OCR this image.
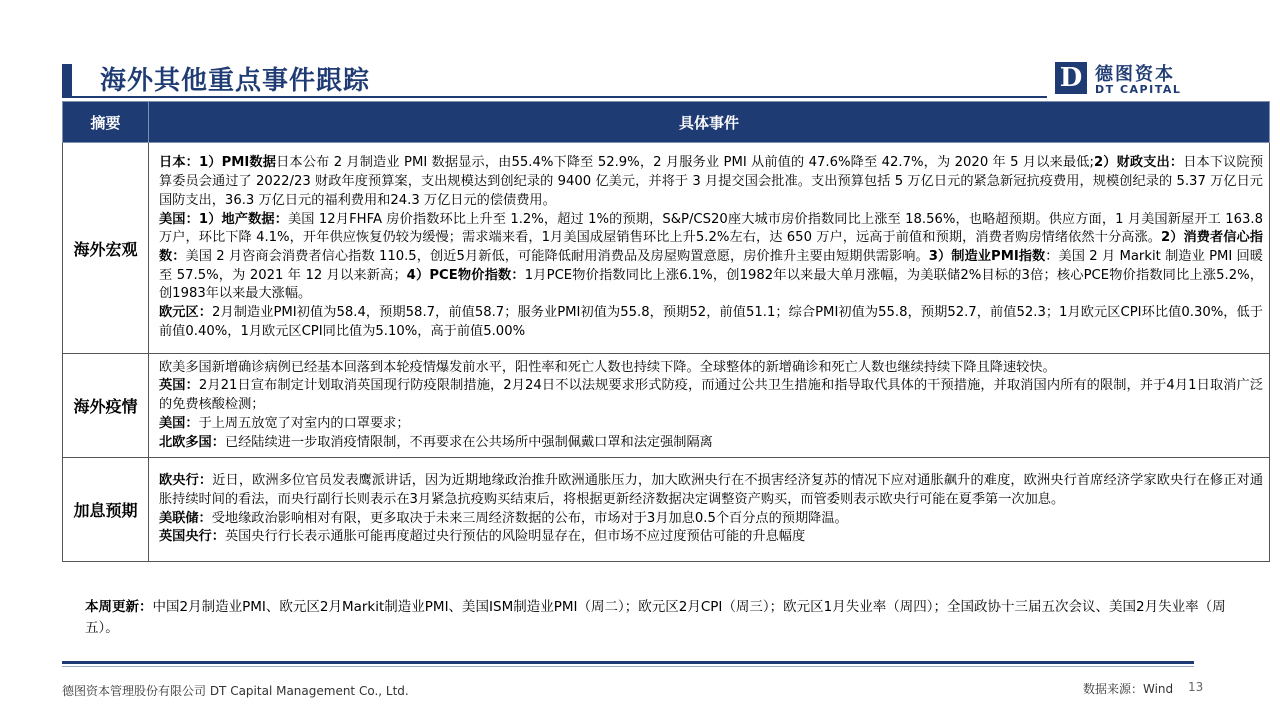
海外其他重点事件跟踪	D 德图资本
DT CAPITAL
摘要	具体事件
海外宏观	日本：1）PMI数据日本公布 2 月制造业 PMI 数据显示，由55.4%下降至 52.9%，2 月服务业 PMI 从前值的 47.6%降至 42.7%，为 2020 年 5 月以来最低;2）财政支出：日本下议院预算委员会通过了 2022/23 财政年度预算案，支出规模达到创纪录的 9400 亿美元，并将于 3 月提交国会批准。支出预算包括 5 万亿日元的紧急新冠抗疫费用，规模创纪录的 5.37 万亿日元国防支出，36.3 万亿日元的福利费用和24.3 万亿日元的偿债费用。

美国：1）地产数据：美国 12月FHFA 房价指数环比上升至 1.2%，超过 1%的预期，S&P/CS20座大城市房价指数同比上涨至 18.56%，也略超预期。供应方面，1 月美国新屋开工 163.8 万户，环比下降 4.1%，开年供应恢复仍较为缓慢；需求端来看，1月美国成屋销售环比上升5.2%左右，达 650 万户，远高于前值和预期，消费者购房情绪依然十分高涨。2）消费者信心指数：美国 2 月咨商会消费者信心指数 110.5，创近5月新低，可能降低耐用消费品及房屋购置意愿，房价推升主要由短期供需影响。3）制造业PMI指数：美国 2 月 Markit 制造业 PMI 回暖至 57.5%，为 2021 年 12 月以来新高；4）PCE物价指数：1月PCE物价指数同比上涨6.1%，创1982年以来最大单月涨幅，为美联储2%目标的3倍；核心PCE物价指数同比上涨5.2%，创1983年以来最大涨幅。

欧元区：2月制造业PMI初值为58.4，预期58.7，前值58.7；服务业PMI初值为55.8，预期52，前值51.1；综合PMI初值为55.8，预期52.7，前值52.3；1月欧元区CPI环比值0.30%，低于前值0.40%，1月欧元区CPI同比值为5.10%，高于前值5.00%

海外疫情	欧美多国新增确诊病例已经基本回落到本轮疫情爆发前水平，阳性率和死亡人数也持续下降。全球整体的新增确诊和死亡人数也继续持续下降且降速较快。

英国：2月21日宣布制定计划取消英国现行防疫限制措施，2月24日不以法规要求形式防疫，而通过公共卫生措施和指导取代具体的干预措施，并取消国内所有的限制，并于4月1日取消广泛的免费核酸检测；

美国：于上周五放宽了对室内的口罩要求；

北欧多国：已经陆续进一步取消疫情限制，不再要求在公共场所中强制佩戴口罩和法定强制隔离

加息预期	欧央行：近日，欧洲多位官员发表鹰派讲话，因为近期地缘政治推升欧洲通胀压力，加大欧洲央行在不损害经济复苏的情况下应对通胀飙升的难度，欧洲央行首席经济学家欧央行在修正对通胀持续时间的看法，而央行副行长则表示在3月紧急抗疫购买结束后，将根据更新经济数据决定调整资产购买，而管委则表示欧央行可能在夏季第一次加息。

美联储：受地缘政治影响相对有限，更多取决于未来三周经济数据的公布，市场对于3月加息0.5个百分点的预期降温。

英国央行：英国央行行长表示通胀可能再度超过央行预估的风险明显存在，但市场不应过度预估可能的升息幅度

本周更新：中国2月制造业PMI、欧元区2月Markit制造业PMI、美国ISM制造业PMI（周二）；欧元区2月CPI（周三）；欧元区1月失业率（周四）；全国政协十三届五次会议、美国2月失业率（周五）。
德图资本管理股份有限公司 DT Capital Management Co., Ltd.	数据来源：Wind 13
